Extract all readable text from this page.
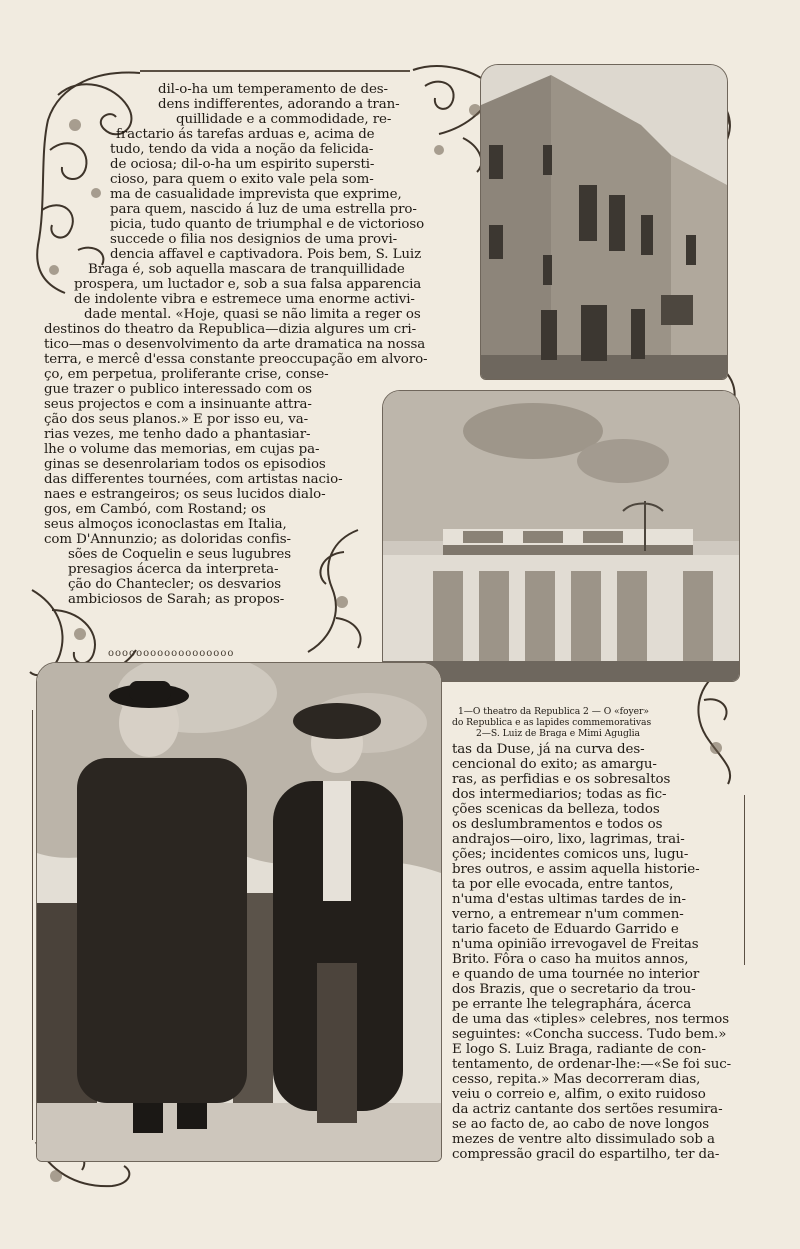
oooooooooooooooooo
dil-o-ha um temperamento de des-
dens indifferentes, adorando a tran-
quillidade e a commodidade, re-
fractario ás tarefas arduas e, acima de
tudo, tendo da vida a noção da felicida-
de ociosa; dil-o-ha um espirito supersti-
cioso, para quem o exito vale pela som-
ma de casualidade imprevista que exprime,
para quem, nascido á luz de uma estrella pro-
picia, tudo quanto de triumphal e de victorioso
succede o filia nos designios de uma provi-
dencia affavel e captivadora. Pois bem, S. Luiz
Braga é, sob aquella mascara de tranquillidade
prospera, um luctador e, sob a sua falsa apparencia
de indolente vibra e estremece uma enorme activi-
dade mental. «Hoje, quasi se não limita a reger os
destinos do theatro da Republica—dizia algures um cri-
tico—mas o desenvolvimento da arte dramatica na nossa
terra, e mercê d'essa constante preoccupação em alvoro-
ço, em perpetua, proliferante crise, conse-
gue trazer o publico interessado com os
seus projectos e com a insinuante attra-
ção dos seus planos.» E por isso eu, va-
rias vezes, me tenho dado a phantasiar-
lhe o volume das memorias, em cujas pa-
ginas se desenrolariam todos os episodios
das differentes tournées, com artistas nacio-
naes e estrangeiros; os seus lucidos dialo-
gos, em Cambó, com Rostand; os
seus almoços iconoclastas em Italia,
com D'Annunzio; as doloridas confis-
sões de Coquelin e seus lugubres
presagios ácerca da interpreta-
ção do Chantecler; os desvarios
ambiciosos de Sarah; as propos-
1—O theatro da Republica 2 — O «foyer»
do Republica e as lapides commemorativas
2—S. Luiz de Braga e Mimi Aguglia
tas da Duse, já na curva des-
cencional do exito; as amargu-
ras, as perfidias e os sobresaltos
dos intermediarios; todas as fic-
ções scenicas da belleza, todos
os deslumbramentos e todos os
andrajos—oiro, lixo, lagrimas, trai-
ções; incidentes comicos uns, lugu-
bres outros, e assim aquella historie-
ta por elle evocada, entre tantos,
n'uma d'estas ultimas tardes de in-
verno, a entremear n'um commen-
tario faceto de Eduardo Garrido e
n'uma opinião irrevogavel de Freitas
Brito. Fôra o caso ha muitos annos,
e quando de uma tournée no interior
dos Brazis, que o secretario da trou-
pe errante lhe telegraphára, ácerca
de uma das «tiples» celebres, nos termos
seguintes: «Concha success. Tudo bem.»
E logo S. Luiz Braga, radiante de con-
tentamento, de ordenar-lhe:—«Se foi suc-
cesso, repita.» Mas decorreram dias,
veiu o correio e, alfim, o exito ruidoso
da actriz cantante dos sertões resumira-
se ao facto de, ao cabo de nove longos
mezes de ventre alto dissimulado sob a
compressão gracil do espartilho, ter da-
